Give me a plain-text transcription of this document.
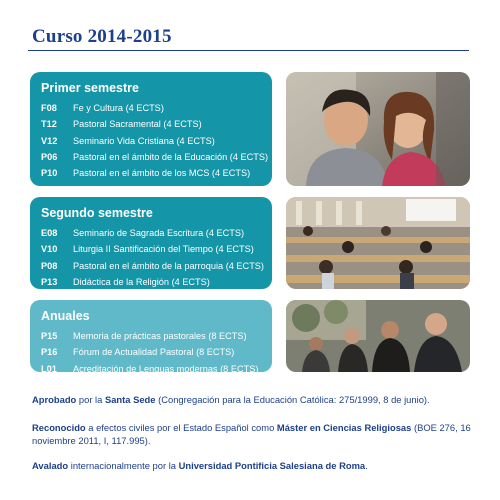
Curso 2014-2015
Primer semestre
F08	Fe y Cultura (4 ECTS)
T12	Pastoral Sacramental (4 ECTS)
V12	Seminario Vida Cristiana (4 ECTS)
P06	Pastoral en el ámbito de la Educación (4 ECTS)
P10	Pastoral en el ámbito de los MCS (4 ECTS)
Segundo semestre
E08	Seminario de Sagrada Escritura (4 ECTS)
V10	Liturgia II Santificación del Tiempo (4 ECTS)
P08	Pastoral en el ámbito de la parroquia (4 ECTS)
P13	Didáctica de la Religión (4 ECTS)
Anuales
P15	Memoria de prácticas pastorales (8 ECTS)
P16	Fórum de Actualidad Pastoral (8 ECTS)
L01	Acreditación de Lenguas modernas (8 ECTS)
Aprobado por la Santa Sede (Congregación para la Educación Católica: 275/1999, 8 de junio).
Reconocido a efectos civiles por el Estado Español como Máster en Ciencias Religiosas (BOE 276, 16 noviembre 2011, I, 117.995).
Avalado internacionalmente por la Universidad Pontificia Salesiana de Roma.
